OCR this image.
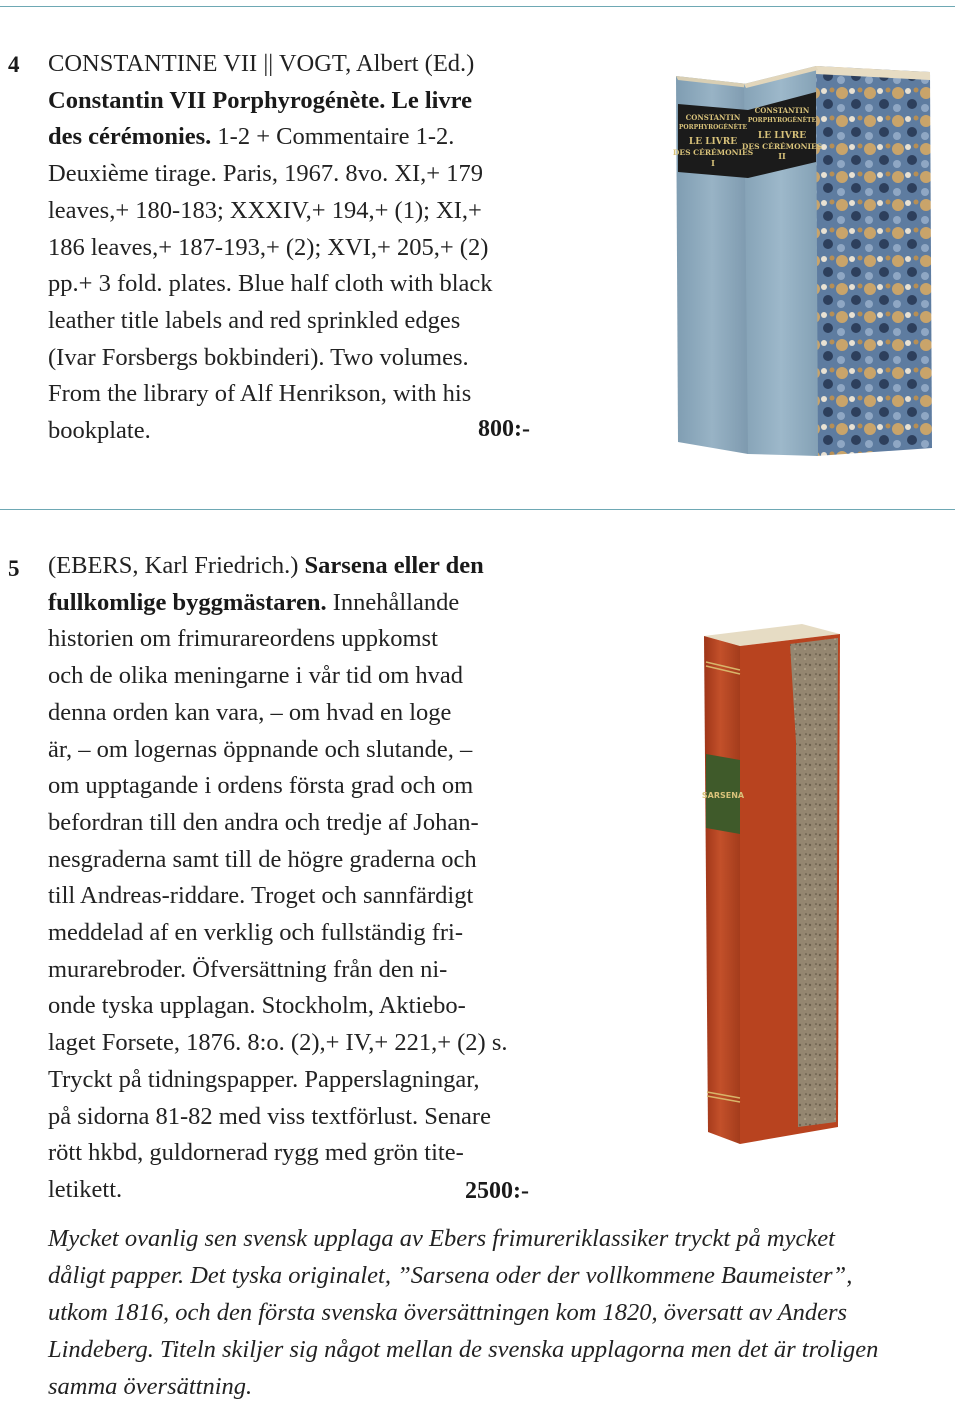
4 CONSTANTINE VII || VOGT, Albert (Ed.)
Constantin VII Porphyrogénète. Le livre
des cérémonies. 1-2 + Commentaire 1-2.
Deuxième tirage. Paris, 1967. 8vo. XI,+ 179
leaves,+ 180-183; XXXIV,+ 194,+ (1); XI,+
186 leaves,+ 187-193,+ (2); XVI,+ 205,+ (2)
pp.+ 3 fold. plates. Blue half cloth with black
leather title labels and red sprinkled edges
(Ivar Forsbergs bokbinderi). Two volumes.
From the library of Alf Henrikson, with his
bookplate.	800:-
CONSTANTIN
PORPHYROGÉNÈTE
LE LIVRE
DES CÉRÉMONIES
I
CONSTANTIN
PORPHYROGÉNÈTE
LE LIVRE
DES CÉRÉMONIES
II
5 (EBERS, Karl Friedrich.) Sarsena eller den
fullkomlige byggmästaren. Innehållande
historien om frimurareordens uppkomst
och de olika meningarne i vår tid om hvad
denna orden kan vara, – om hvad en loge
är, – om logernas öppnande och slutande, –
om upptagande i ordens första grad och om
befordran till den andra och tredje af Johan-
nesgraderna samt till de högre graderna och
till Andreas-riddare. Troget och sannfärdigt
meddelad af en verklig och fullständig fri-
murarebroder. Öfversättning från den ni-
onde tyska upplagan. Stockholm, Aktiebo-
laget Forsete, 1876. 8:o. (2),+ IV,+ 221,+ (2) s.
Tryckt på tidningspapper. Papperslagningar,
på sidorna 81-82 med viss textförlust. Senare
rött hkbd, guldornerad rygg med grön tite-
letikett.	2500:-
SARSENA
Mycket ovanlig sen svensk upplaga av Ebers frimureriklassiker tryckt på mycket
dåligt papper. Det tyska originalet, ”Sarsena oder der vollkommene Baumeister”,
utkom 1816, och den första svenska översättningen kom 1820, översatt av Anders
Lindeberg. Titeln skiljer sig något mellan de svenska upplagorna men det är troligen
samma översättning.
